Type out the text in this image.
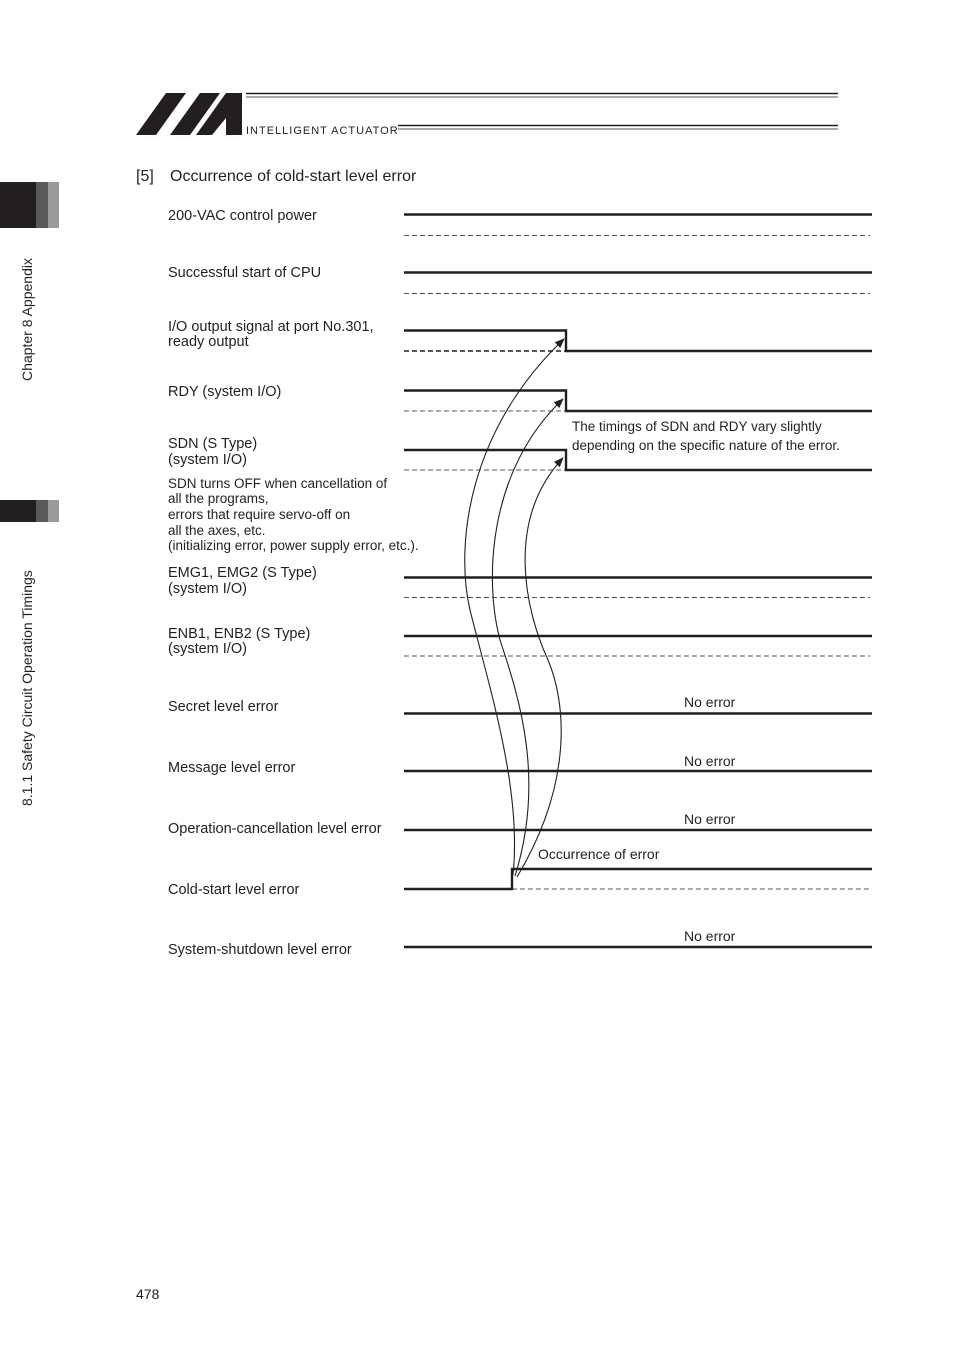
Chapter 8 Appendix
8.1.1 Safety Circuit Operation Timings
INTELLIGENT ACTUATOR
[5] Occurrence of cold-start level error
200-VAC control power
Successful start of CPU
I/O output signal at port No.301,
ready output
RDY (system I/O)
SDN (S Type)
(system I/O)
SDN turns OFF when cancellation of
all the programs,
errors that require servo-off on
all the axes, etc.
(initializing error, power supply error, etc.).
EMG1, EMG2 (S Type)
(system I/O)
ENB1, ENB2 (S Type)
(system I/O)
Secret level error
Message level error
Operation-cancellation level error
Cold-start level error
System-shutdown level error
The timings of SDN and RDY vary slightly
depending on the specific nature of the error.
No error
No error
No error
Occurrence of error
No error
478
